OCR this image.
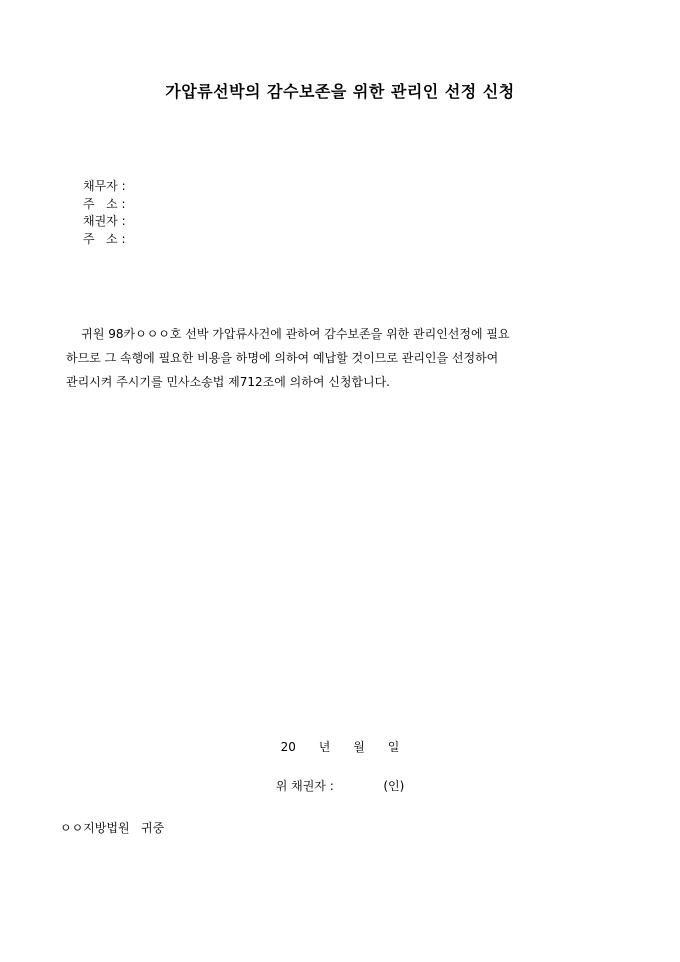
가압류선박의 감수보존을 위한 관리인 선정 신청
채무자 :
주   소 :
채권자 :
주   소 :
귀원 98카ㅇㅇㅇ호 선박 가압류사건에 관하여 감수보존을 위한 관리인선정에 필요
하므로 그 속행에 필요한 비용을 하명에 의하여 예납할 것이므로 관리인을 선정하여
관리시켜 주시기를 민사소송법 제712조에 의하여 신청합니다.
20      년      월      일
위 채권자 :             (인)
ㅇㅇ지방법원   귀중
